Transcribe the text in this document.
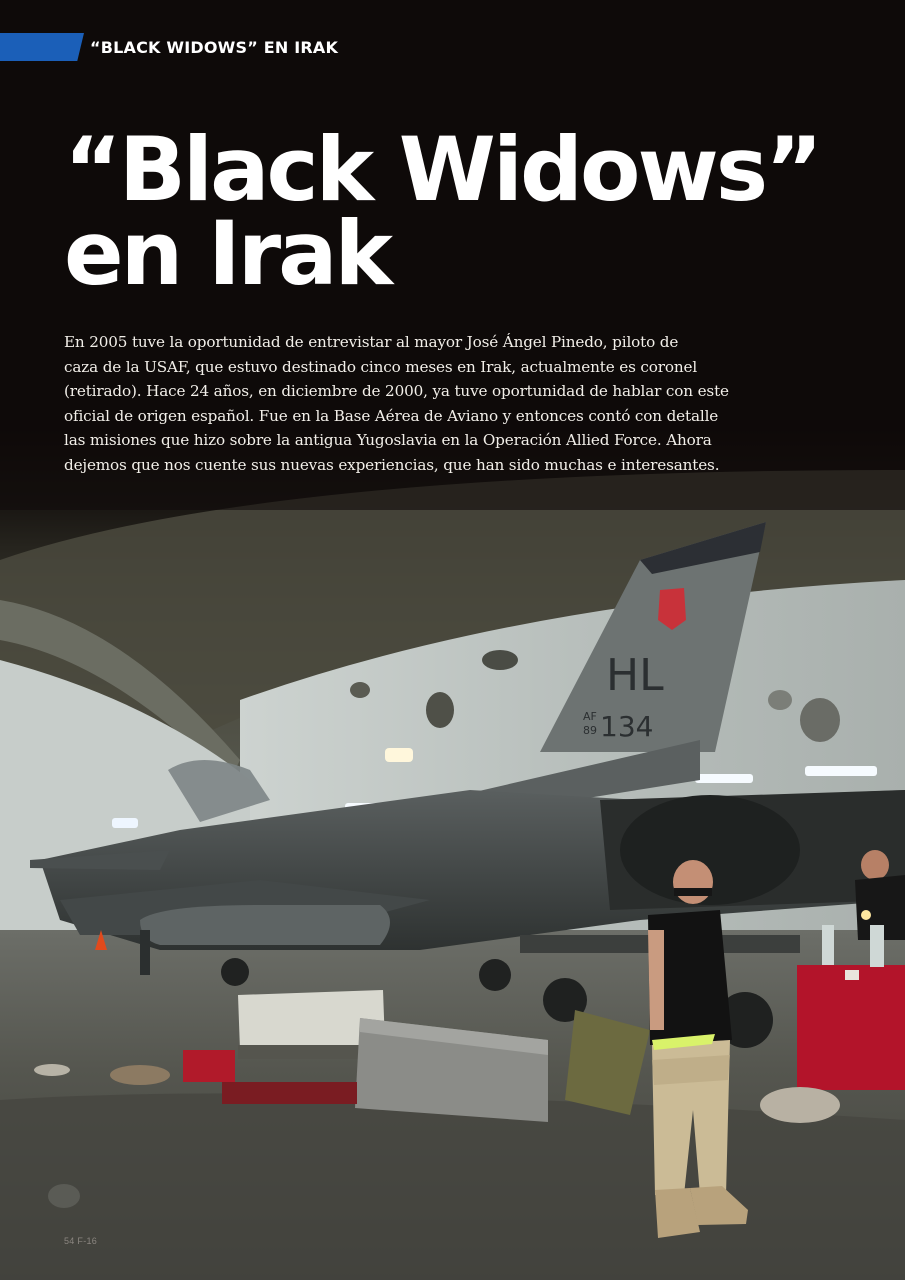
HL
AF
89 134
“BLACK WIDOWS” EN IRAK
“Black Widows”
en Irak
En 2005 tuve la oportunidad de entrevistar al mayor José Ángel Pinedo, piloto de
caza de la USAF, que estuvo destinado cinco meses en Irak, actualmente es coronel
(retirado). Hace 24 años, en diciembre de 2000, ya tuve oportunidad de hablar con este
oficial de origen español. Fue en la Base Aérea de Aviano y entonces contó con detalle
las misiones que hizo sobre la antigua Yugoslavia en la Operación Allied Force. Ahora
dejemos que nos cuente sus nuevas experiencias, que han sido muchas e interesantes.
54 F-16
